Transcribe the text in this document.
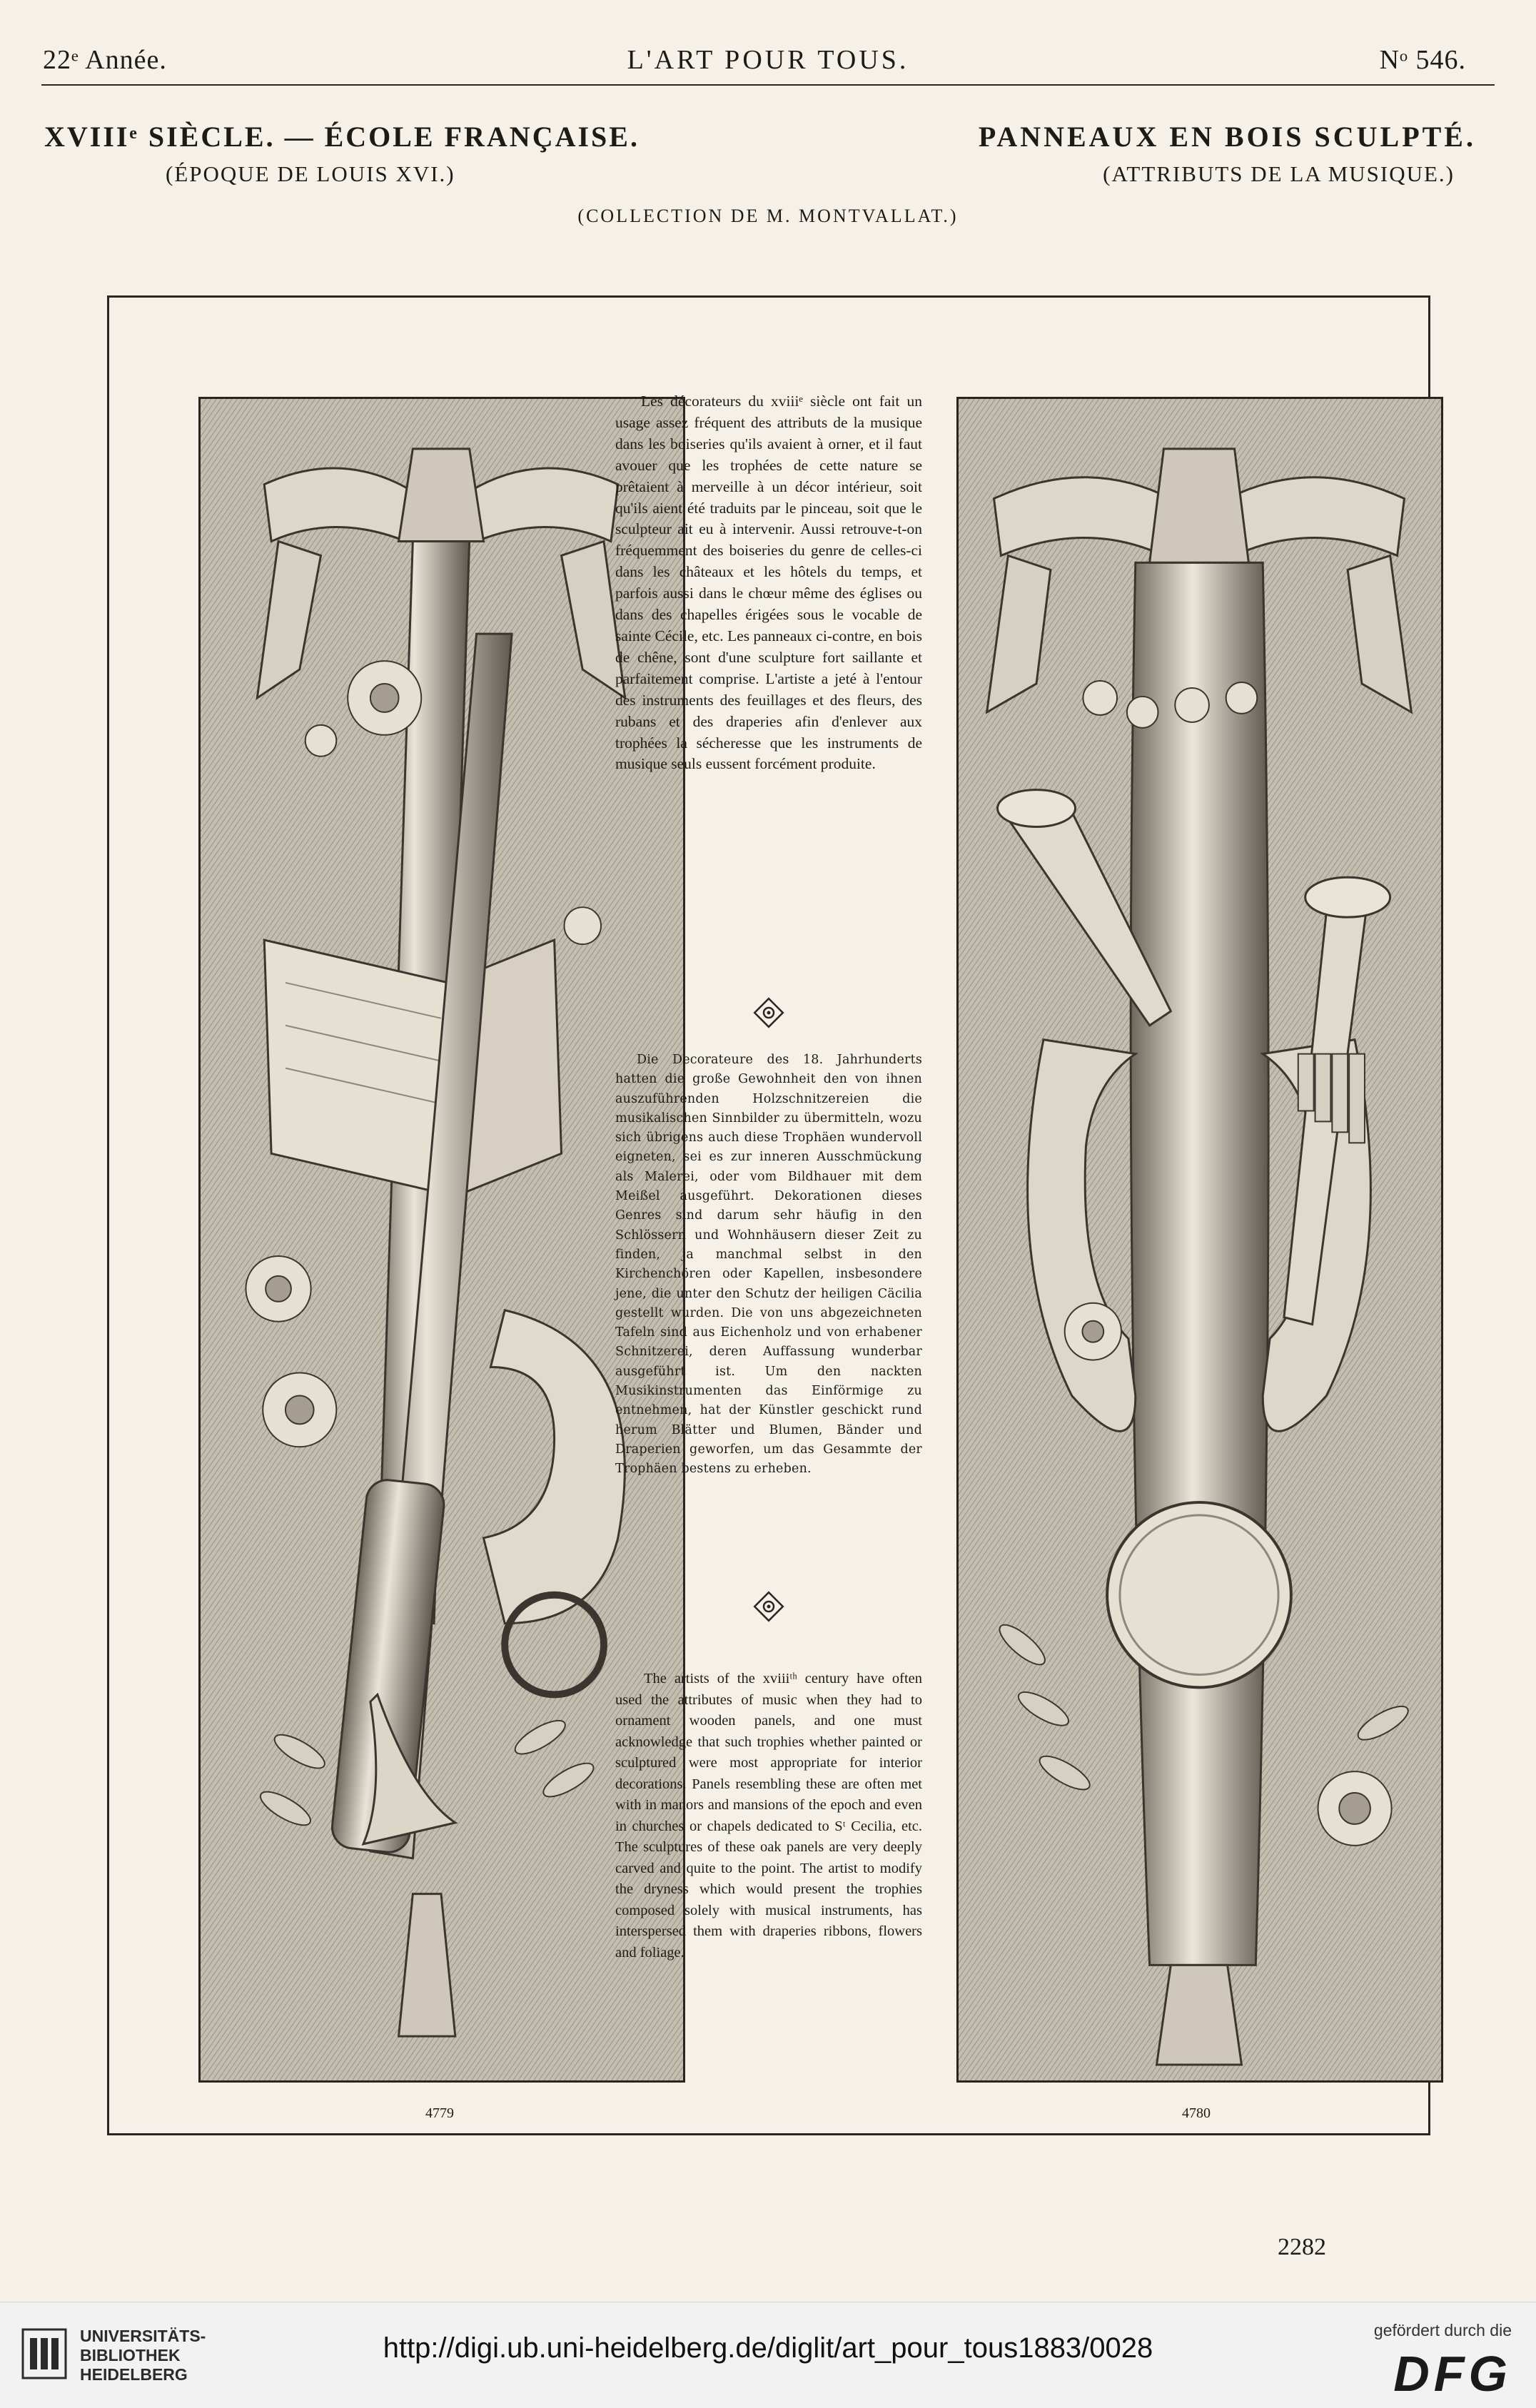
22ᵉ Année.	L'ART POUR TOUS.	Nᵒ 546.
XVIIIᵉ SIÈCLE. — ÉCOLE FRANÇAISE.
(ÉPOQUE DE LOUIS XVI.)
PANNEAUX EN BOIS SCULPTÉ.
(ATTRIBUTS DE LA MUSIQUE.)
(COLLECTION DE M. MONTVALLAT.)
4779	4780

Les décorateurs du xviiiᵉ siècle ont fait un usage assez fréquent des attributs de la musique dans les boiseries qu'ils avaient à orner, et il faut avouer que les trophées de cette nature se prêtaient à merveille à un décor intérieur, soit qu'ils aient été traduits par le pinceau, soit que le sculpteur ait eu à intervenir. Aussi retrouve-t-on fréquemment des boiseries du genre de celles-ci dans les châteaux et les hôtels du temps, et parfois aussi dans le chœur même des églises ou dans des chapelles érigées sous le vocable de sainte Cécile, etc. Les panneaux ci-contre, en bois de chêne, sont d'une sculpture fort saillante et parfaitement comprise. L'artiste a jeté à l'entour des instruments des feuillages et des fleurs, des rubans et des draperies afin d'enlever aux trophées la sécheresse que les instruments de musique seuls eussent forcément produite.

Die Decorateure des 18. Jahrhunderts hatten die große Gewohnheit den von ihnen auszuführenden Holzschnitzereien die musikalischen Sinnbilder zu übermitteln, wozu sich übrigens auch diese Trophäen wundervoll eigneten, sei es zur inneren Ausschmückung als Malerei, oder vom Bildhauer mit dem Meißel ausgeführt. Dekorationen dieses Genres sind darum sehr häufig in den Schlössern und Wohnhäusern dieser Zeit zu finden, ja manchmal selbst in den Kirchenchören oder Kapellen, insbesondere jene, die unter den Schutz der heiligen Cäcilia gestellt wurden. Die von uns abgezeichneten Tafeln sind aus Eichenholz und von erhabener Schnitzerei, deren Auffassung wunderbar ausgeführt ist. Um den nackten Musikinstrumenten das Einförmige zu entnehmen, hat der Künstler geschickt rund herum Blätter und Blumen, Bänder und Draperien geworfen, um das Gesammte der Trophäen bestens zu erheben.

The artists of the xviiiᵗʰ century have often used the attributes of music when they had to ornament wooden panels, and one must acknowledge that such trophies whether painted or sculptured were most appropriate for interior decorations. Panels resembling these are often met with in manors and mansions of the epoch and even in churches or chapels dedicated to Sᵗ Cecilia, etc. The sculptures of these oak panels are very deeply carved and quite to the point. The artist to modify the dryness which would present the trophies composed solely with musical instruments, has interspersed them with draperies ribbons, flowers and foliage.

2282
UNIVERSITÄTS-
BIBLIOTHEK
HEIDELBERG
http://digi.ub.uni-heidelberg.de/diglit/art_pour_tous1883/0028
gefördert durch die
DFG
